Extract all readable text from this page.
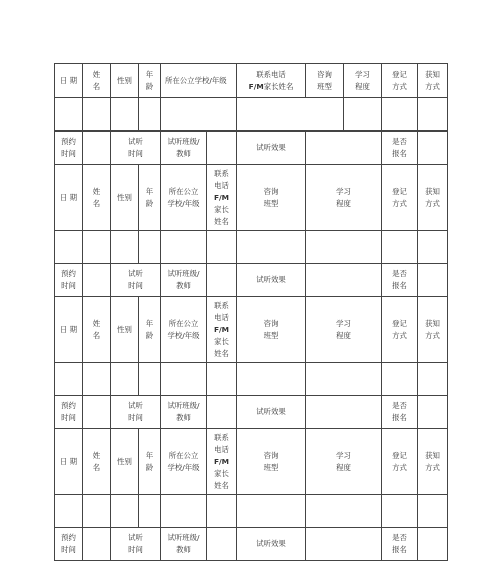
日 期
姓
名
性别
年
龄
所在公立学校/年级
联系电话
F/M家长姓名
咨询
班型
学习
程度
登记
方式
获知
方式
预约
时间
试听
时间
试听班级/
教师
试听效果
是否
报名
日 期
姓
名
性别
年
龄
所在公立
学校/年级
联系
电话
F/M
家长
姓名
咨询
班型
学习
程度
登记
方式
获知
方式
预约
时间
试听
时间
试听班级/
教师
试听效果
是否
报名
日 期
姓
名
性别
年
龄
所在公立
学校/年级
联系
电话
F/M
家长
姓名
咨询
班型
学习
程度
登记
方式
获知
方式
预约
时间
试听
时间
试听班级/
教师
试听效果
是否
报名
日 期
姓
名
性别
年
龄
所在公立
学校/年级
联系
电话
F/M
家长
姓名
咨询
班型
学习
程度
登记
方式
获知
方式
预约
时间
试听
时间
试听班级/
教师
试听效果
是否
报名
